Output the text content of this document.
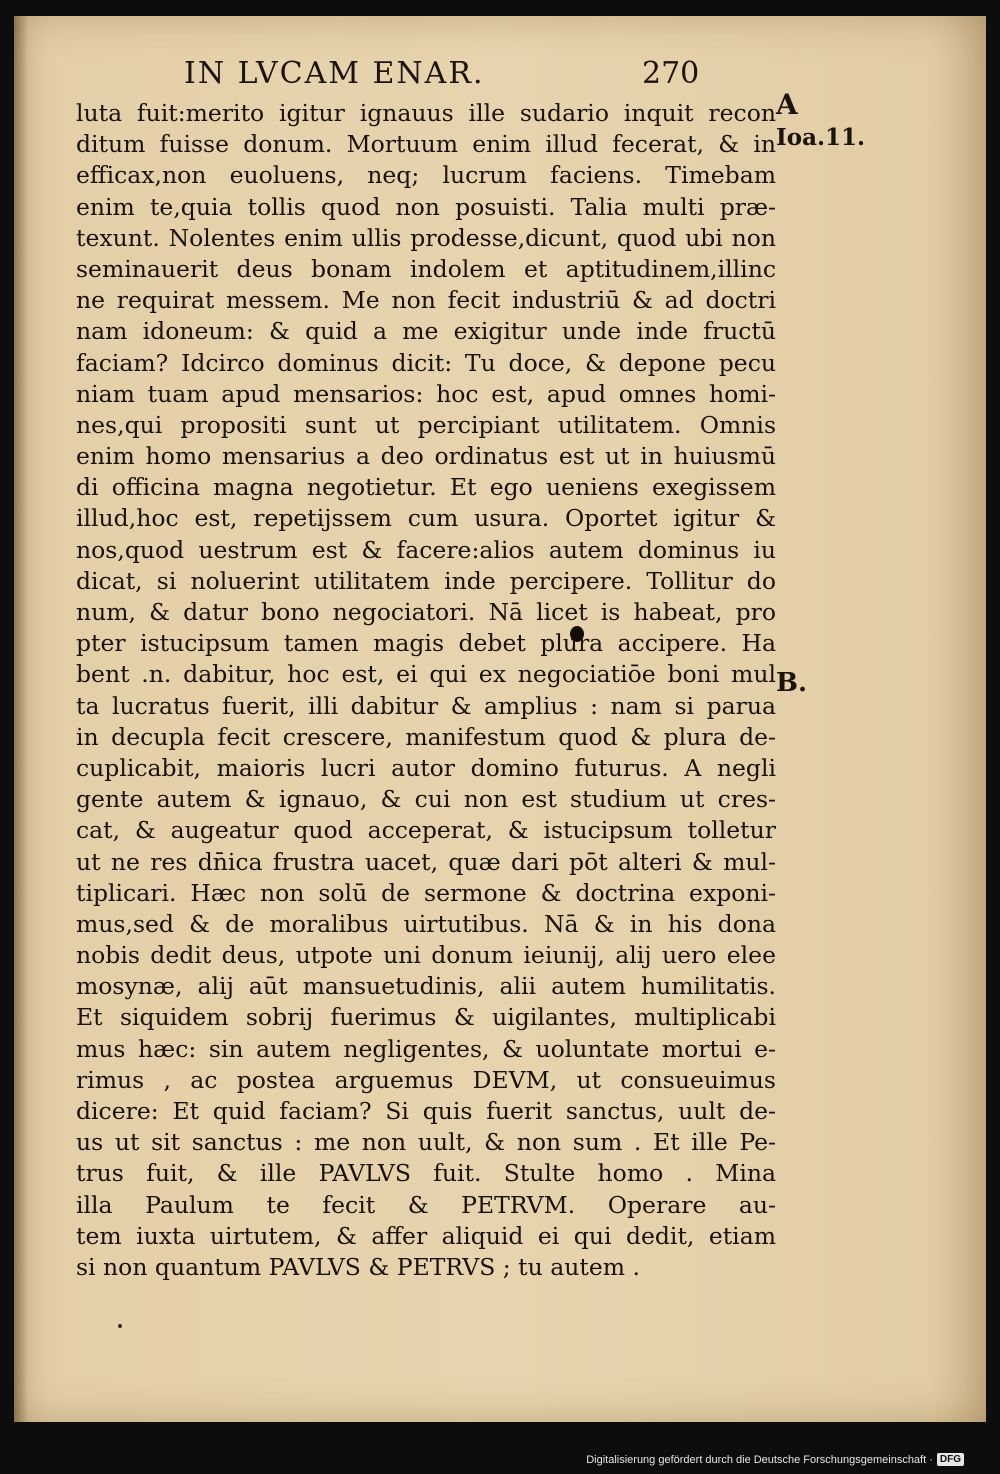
IN LVCAM ENAR.	270
A
Ioa.11.
B.
luta fuit:merito igitur ignauus ille sudario inquit recon
ditum fuisse donum. Mortuum enim illud fecerat, & in
efficax,non euoluens, neq; lucrum faciens. Timebam
enim te,quia tollis quod non posuisti. Talia multi præ-
texunt. Nolentes enim ullis prodesse,dicunt, quod ubi non
seminauerit deus bonam indolem et aptitudinem,illinc
ne requirat messem. Me non fecit industriū & ad doctri
nam idoneum: & quid a me exigitur unde inde fructū
faciam? Idcirco dominus dicit: Tu doce, & depone pecu
niam tuam apud mensarios: hoc est, apud omnes homi-
nes,qui propositi sunt ut percipiant utilitatem. Omnis
enim homo mensarius a deo ordinatus est ut in huiusmū
di officina magna negotietur. Et ego ueniens exegissem
illud,hoc est, repetijssem cum usura. Oportet igitur &
nos,quod uestrum est & facere:alios autem dominus iu
dicat, si noluerint utilitatem inde percipere. Tollitur do
num, & datur bono negociatori. Nā licet is habeat, pro
pter istucipsum tamen magis debet plura accipere. Ha
bent .n. dabitur, hoc est, ei qui ex negociatiōe boni mul
ta lucratus fuerit, illi dabitur & amplius : nam si parua
in decupla fecit crescere, manifestum quod & plura de-
cuplicabit, maioris lucri autor domino futurus. A negli
gente autem & ignauo, & cui non est studium ut cres-
cat, & augeatur quod acceperat, & istucipsum tolletur
ut ne res dn̄ica frustra uacet, quæ dari pōt alteri & mul-
tiplicari. Hæc non solū de sermone & doctrina exponi-
mus,sed & de moralibus uirtutibus. Nā & in his dona
nobis dedit deus, utpote uni donum ieiunij, alij uero elee
mosynæ, alij aūt mansuetudinis, alii autem humilitatis.
Et siquidem sobrij fuerimus & uigilantes, multiplicabi
mus hæc: sin autem negligentes, & uoluntate mortui e-
rimus , ac postea arguemus DEVM, ut consueuimus
dicere: Et quid faciam? Si quis fuerit sanctus, uult de-
us ut sit sanctus : me non uult, & non sum . Et ille Pe-
trus fuit, & ille PAVLVS fuit. Stulte homo . Mina
illa Paulum te fecit & PETRVM. Operare au-
tem iuxta uirtutem, & affer aliquid ei qui dedit, etiam
si non quantum PAVLVS & PETRVS ; tu autem .
Digitalisierung gefördert durch die Deutsche Forschungsgemeinschaft · DFG
